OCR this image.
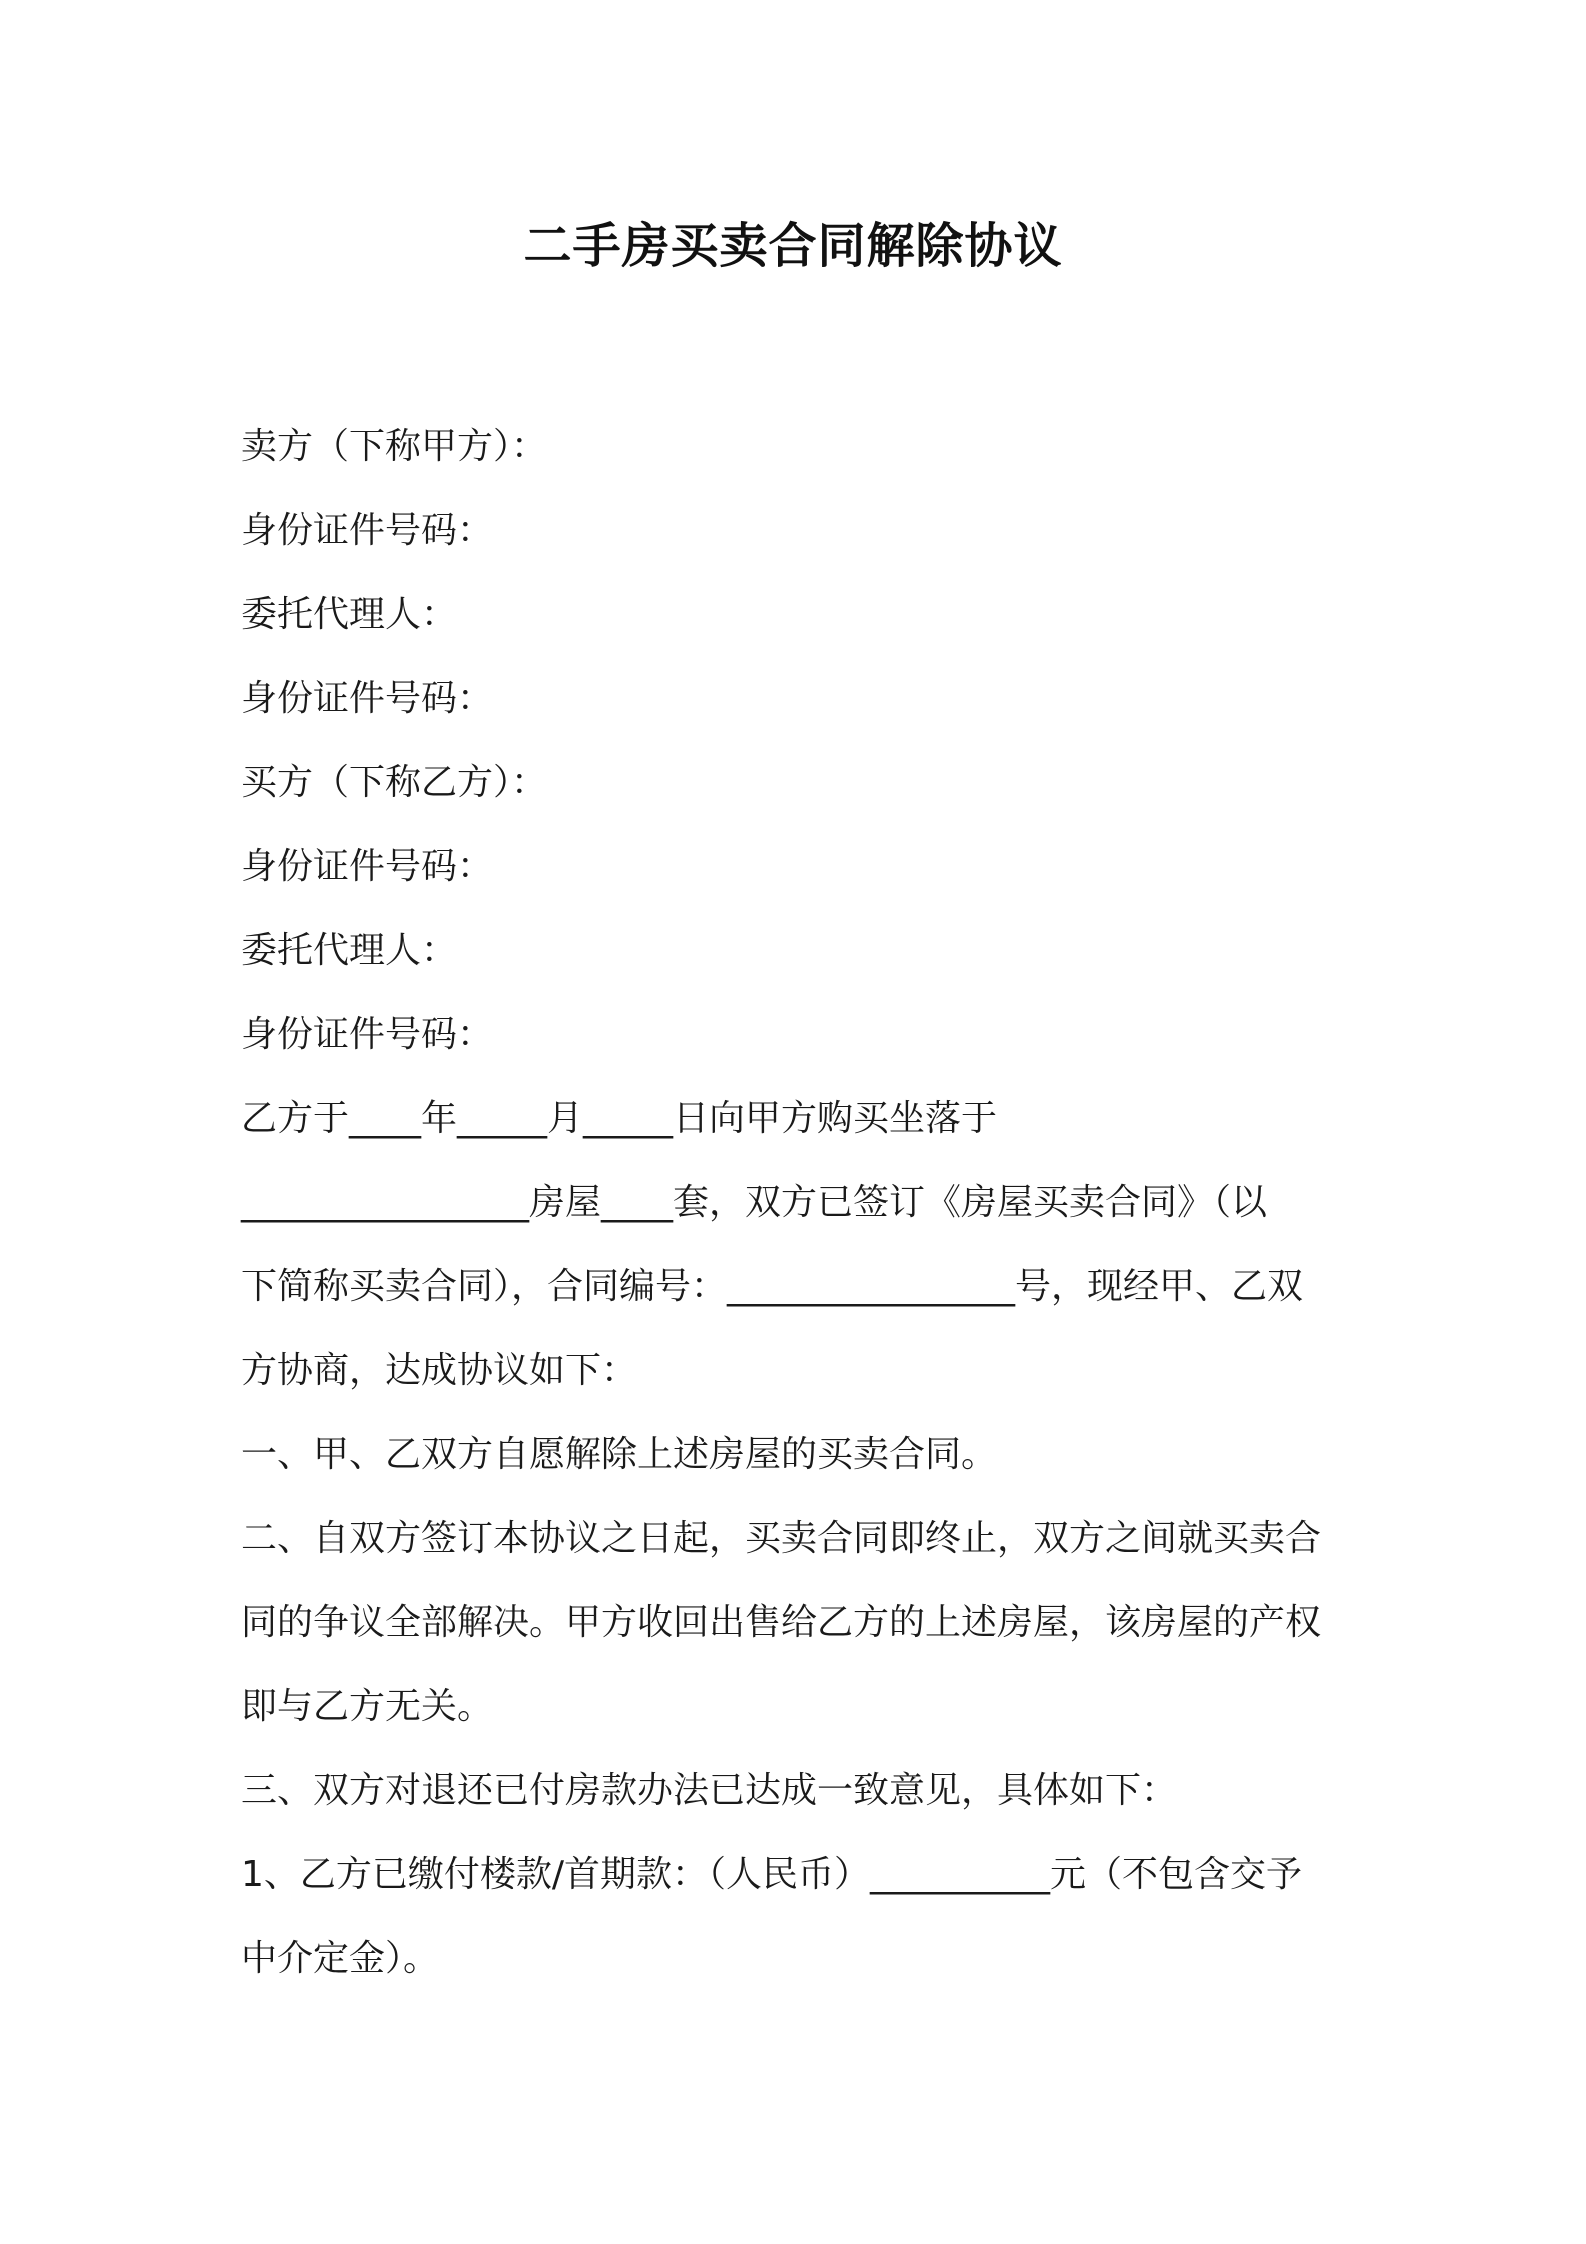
二手房买卖合同解除协议
卖方（下称甲方）：
身份证件号码：
委托代理人：
身份证件号码：
买方（下称乙方）：
身份证件号码：
委托代理人：
身份证件号码：
乙方于____年_____月_____日向甲方购买坐落于
________________房屋____套，双方已签订《房屋买卖合同》（以
下简称买卖合同），合同编号：________________号，现经甲、乙双
方协商，达成协议如下：
一、甲、乙双方自愿解除上述房屋的买卖合同。
二、自双方签订本协议之日起，买卖合同即终止，双方之间就买卖合
同的争议全部解决。甲方收回出售给乙方的上述房屋，该房屋的产权
即与乙方无关。
三、双方对退还已付房款办法已达成一致意见，具体如下：
1、乙方已缴付楼款/首期款：（人民币）__________元（不包含交予
中介定金）。
